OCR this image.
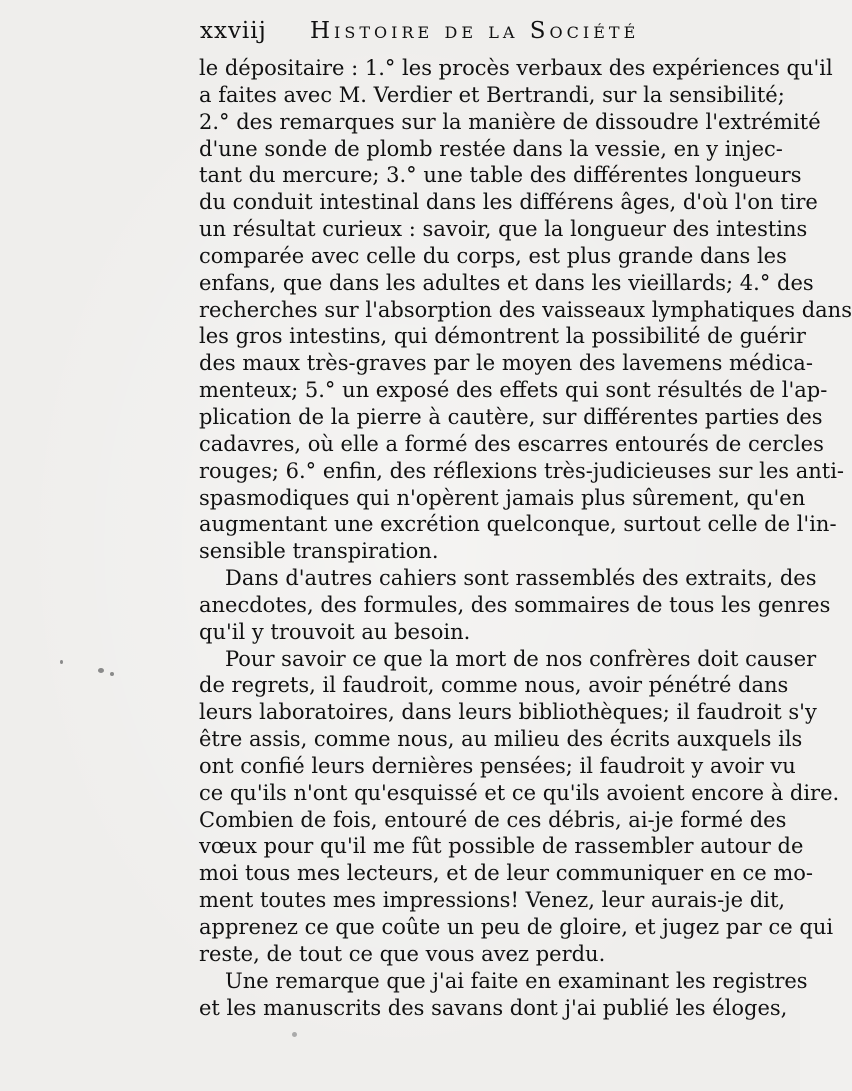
xxviij Histoire de la Société
le dépositaire : 1.° les procès verbaux des expériences qu'il
a faites avec M. Verdier et Bertrandi, sur la sensibilité;
2.° des remarques sur la manière de dissoudre l'extrémité
d'une sonde de plomb restée dans la vessie, en y injec-
tant du mercure; 3.° une table des différentes longueurs
du conduit intestinal dans les différens âges, d'où l'on tire
un résultat curieux : savoir, que la longueur des intestins
comparée avec celle du corps, est plus grande dans les
enfans, que dans les adultes et dans les vieillards; 4.° des
recherches sur l'absorption des vaisseaux lymphatiques dans
les gros intestins, qui démontrent la possibilité de guérir
des maux très-graves par le moyen des lavemens médica-
menteux; 5.° un exposé des effets qui sont résultés de l'ap-
plication de la pierre à cautère, sur différentes parties des
cadavres, où elle a formé des escarres entourés de cercles
rouges; 6.° enfin, des réflexions très-judicieuses sur les anti-
spasmodiques qui n'opèrent jamais plus sûrement, qu'en
augmentant une excrétion quelconque, surtout celle de l'in-
sensible transpiration.
Dans d'autres cahiers sont rassemblés des extraits, des
anecdotes, des formules, des sommaires de tous les genres
qu'il y trouvoit au besoin.
Pour savoir ce que la mort de nos confrères doit causer
de regrets, il faudroit, comme nous, avoir pénétré dans
leurs laboratoires, dans leurs bibliothèques; il faudroit s'y
être assis, comme nous, au milieu des écrits auxquels ils
ont confié leurs dernières pensées; il faudroit y avoir vu
ce qu'ils n'ont qu'esquissé et ce qu'ils avoient encore à dire.
Combien de fois, entouré de ces débris, ai-je formé des
vœux pour qu'il me fût possible de rassembler autour de
moi tous mes lecteurs, et de leur communiquer en ce mo-
ment toutes mes impressions! Venez, leur aurais-je dit,
apprenez ce que coûte un peu de gloire, et jugez par ce qui
reste, de tout ce que vous avez perdu.
Une remarque que j'ai faite en examinant les registres
et les manuscrits des savans dont j'ai publié les éloges,
